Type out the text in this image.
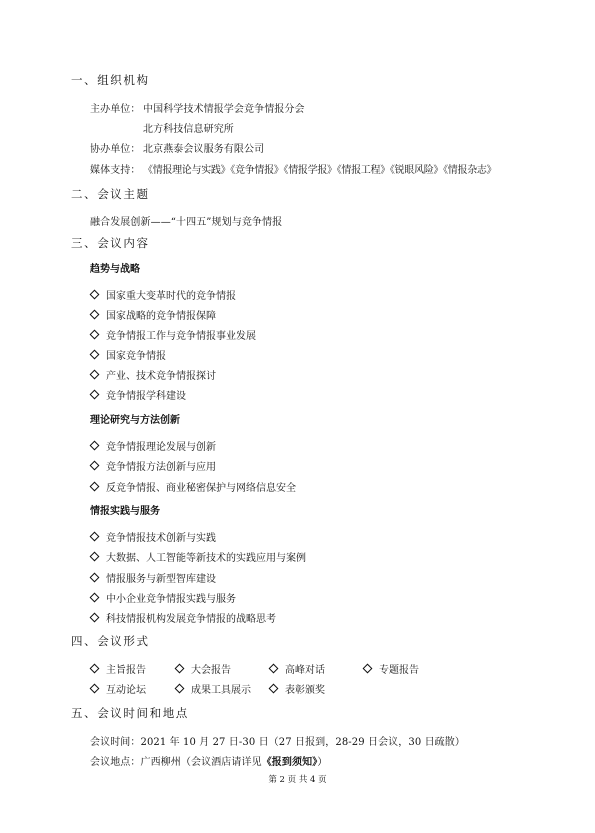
一、组织机构
主办单位： 中国科学技术情报学会竞争情报分会
北方科技信息研究所
协办单位： 北京燕泰会议服务有限公司
媒体支持： 《情报理论与实践》《竞争情报》《情报学报》《情报工程》《锐眼风险》《情报杂志》
二、会议主题
融合发展创新——“十四五”规划与竞争情报
三、会议内容
趋势与战略
国家重大变革时代的竞争情报
国家战略的竞争情报保障
竞争情报工作与竞争情报事业发展
国家竞争情报
产业、技术竞争情报探讨
竞争情报学科建设
理论研究与方法创新
竞争情报理论发展与创新
竞争情报方法创新与应用
反竞争情报、商业秘密保护与网络信息安全
情报实践与服务
竞争情报技术创新与实践
大数据、人工智能等新技术的实践应用与案例
情报服务与新型智库建设
中小企业竞争情报实践与服务
科技情报机构发展竞争情报的战略思考
四、会议形式
主旨报告	大会报告	高峰对话	专题报告
互动论坛	成果工具展示	表彰颁奖
五、会议时间和地点
会议时间：2021 年 10 月 27 日-30 日（27 日报到，28-29 日会议，30 日疏散）
会议地点：广西柳州（会议酒店请详见《报到须知》）
第 2 页 共 4 页
